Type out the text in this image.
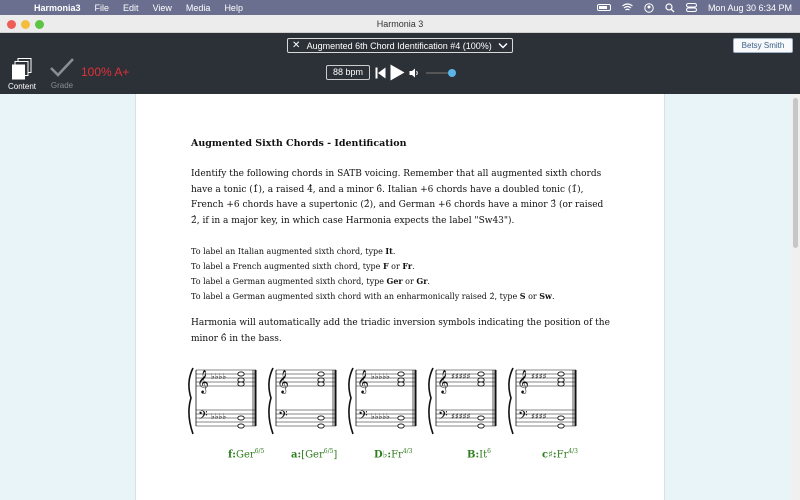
Harmonia3 File Edit View Media Help	Mon Aug 30 6:34 PM
Harmonia 3
✕ Augmented 6th Chord Identification #4 (100%)	Betsy Smith
Content	Grade
100% A+	88 bpm
Augmented Sixth Chords - Identification

Identify the following chords in SATB voicing. Remember that all augmented sixth chords have a tonic (1̂), a raised 4̂, and a minor 6̂. Italian +6 chords have a doubled tonic (1̂), French +6 chords have a supertonic (2̂), and German +6 chords have a minor 3̂ (or raised 2̂, if in a major key, in which case Harmonia expects the label "Sw43").

To label an Italian augmented sixth chord, type It.
To label a French augmented sixth chord, type F or Fr.
To label a German augmented sixth chord, type Ger or Gr.
To label a German augmented sixth chord with an enharmonically raised 2̂, type S or Sw.

Harmonia will automatically add the triadic inversion symbols indicating the position of the minor 6̂ in the bass.

𝄞
𝄢
♭♭♭♭
♭♭♭♭
𝄞
𝄢
𝄞
𝄢
♭♭♭♭♭
♭♭♭♭♭
𝄞
𝄢
♯♯♯♯♯
♯♯♯♯♯
𝄞
𝄢
♯♯♯♯
♯♯♯♯
f:Ger$^{6/5}$	a:[Ger$^{6/5}$]	$D♭:Fr^{4/3}$	B:It$^6$	$c♯:Fr^{4/3}$
